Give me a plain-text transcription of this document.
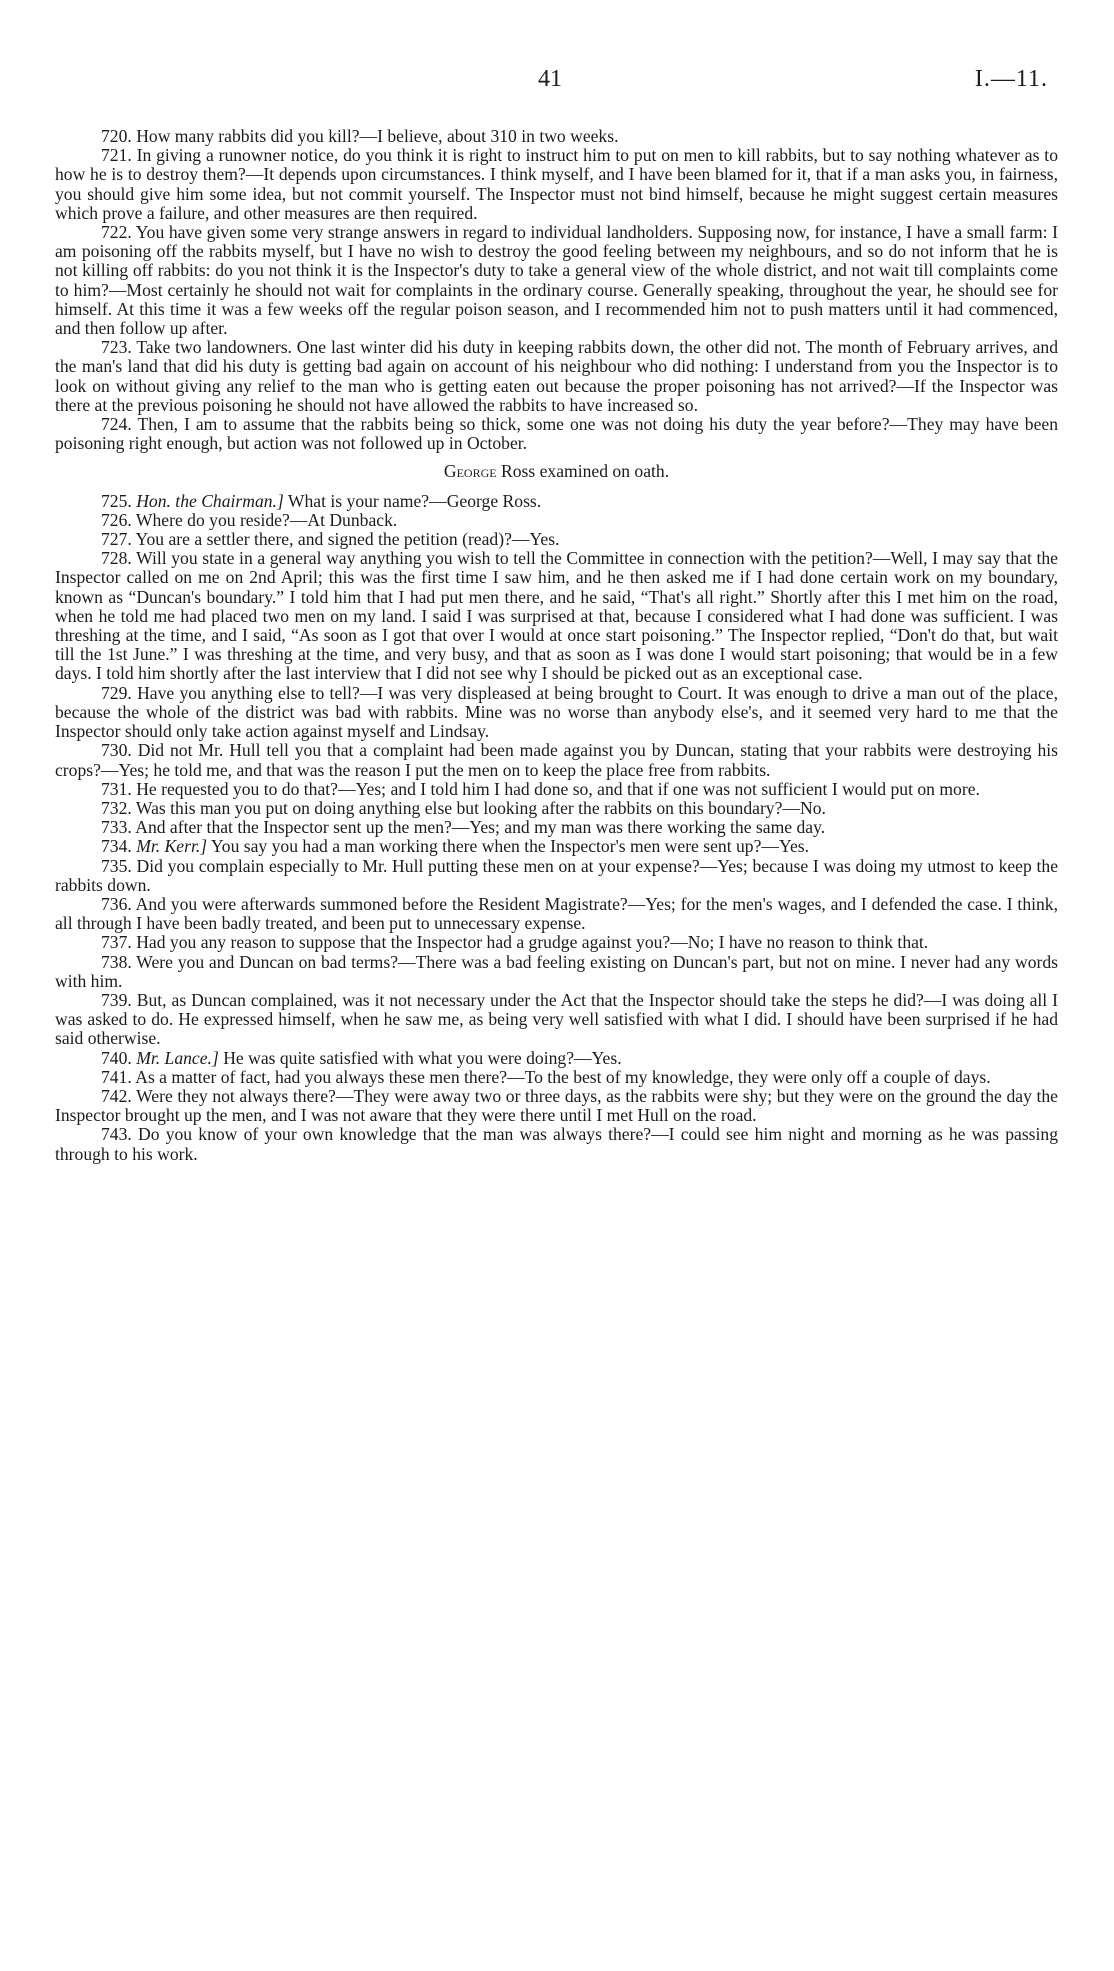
41	I.—11.

720. How many rabbits did you kill?—I believe, about 310 in two weeks.

721. In giving a runowner notice, do you think it is right to instruct him to put on men to kill rabbits, but to say nothing whatever as to how he is to destroy them?—It depends upon circumstances. I think myself, and I have been blamed for it, that if a man asks you, in fairness, you should give him some idea, but not commit yourself. The Inspector must not bind himself, because he might suggest certain measures which prove a failure, and other measures are then required.

722. You have given some very strange answers in regard to individual landholders. Supposing now, for instance, I have a small farm: I am poisoning off the rabbits myself, but I have no wish to destroy the good feeling between my neighbours, and so do not inform that he is not killing off rabbits: do you not think it is the Inspector's duty to take a general view of the whole district, and not wait till complaints come to him?—Most certainly he should not wait for complaints in the ordinary course. Generally speaking, throughout the year, he should see for himself. At this time it was a few weeks off the regular poison season, and I recommended him not to push matters until it had commenced, and then follow up after.

723. Take two landowners. One last winter did his duty in keeping rabbits down, the other did not. The month of February arrives, and the man's land that did his duty is getting bad again on account of his neighbour who did nothing: I understand from you the Inspector is to look on without giving any relief to the man who is getting eaten out because the proper poisoning has not arrived?—If the Inspector was there at the previous poisoning he should not have allowed the rabbits to have increased so.

724. Then, I am to assume that the rabbits being so thick, some one was not doing his duty the year before?—They may have been poisoning right enough, but action was not followed up in October.

George Ross examined on oath.

725. Hon. the Chairman.] What is your name?—George Ross.

726. Where do you reside?—At Dunback.

727. You are a settler there, and signed the petition (read)?—Yes.

728. Will you state in a general way anything you wish to tell the Committee in connection with the petition?—Well, I may say that the Inspector called on me on 2nd April; this was the first time I saw him, and he then asked me if I had done certain work on my boundary, known as “Duncan's boundary.” I told him that I had put men there, and he said, “That's all right.” Shortly after this I met him on the road, when he told me had placed two men on my land. I said I was surprised at that, because I considered what I had done was sufficient. I was threshing at the time, and I said, “As soon as I got that over I would at once start poisoning.” The Inspector replied, “Don't do that, but wait till the 1st June.” I was threshing at the time, and very busy, and that as soon as I was done I would start poisoning; that would be in a few days. I told him shortly after the last interview that I did not see why I should be picked out as an exceptional case.

729. Have you anything else to tell?—I was very displeased at being brought to Court. It was enough to drive a man out of the place, because the whole of the district was bad with rabbits. Mine was no worse than anybody else's, and it seemed very hard to me that the Inspector should only take action against myself and Lindsay.

730. Did not Mr. Hull tell you that a complaint had been made against you by Duncan, stating that your rabbits were destroying his crops?—Yes; he told me, and that was the reason I put the men on to keep the place free from rabbits.

731. He requested you to do that?—Yes; and I told him I had done so, and that if one was not sufficient I would put on more.

732. Was this man you put on doing anything else but looking after the rabbits on this boundary?—No.

733. And after that the Inspector sent up the men?—Yes; and my man was there working the same day.

734. Mr. Kerr.] You say you had a man working there when the Inspector's men were sent up?—Yes.

735. Did you complain especially to Mr. Hull putting these men on at your expense?—Yes; because I was doing my utmost to keep the rabbits down.

736. And you were afterwards summoned before the Resident Magistrate?—Yes; for the men's wages, and I defended the case. I think, all through I have been badly treated, and been put to unnecessary expense.

737. Had you any reason to suppose that the Inspector had a grudge against you?—No; I have no reason to think that.

738. Were you and Duncan on bad terms?—There was a bad feeling existing on Duncan's part, but not on mine. I never had any words with him.

739. But, as Duncan complained, was it not necessary under the Act that the Inspector should take the steps he did?—I was doing all I was asked to do. He expressed himself, when he saw me, as being very well satisfied with what I did. I should have been surprised if he had said otherwise.

740. Mr. Lance.] He was quite satisfied with what you were doing?—Yes.

741. As a matter of fact, had you always these men there?—To the best of my knowledge, they were only off a couple of days.

742. Were they not always there?—They were away two or three days, as the rabbits were shy; but they were on the ground the day the Inspector brought up the men, and I was not aware that they were there until I met Hull on the road.

743. Do you know of your own knowledge that the man was always there?—I could see him night and morning as he was passing through to his work.
